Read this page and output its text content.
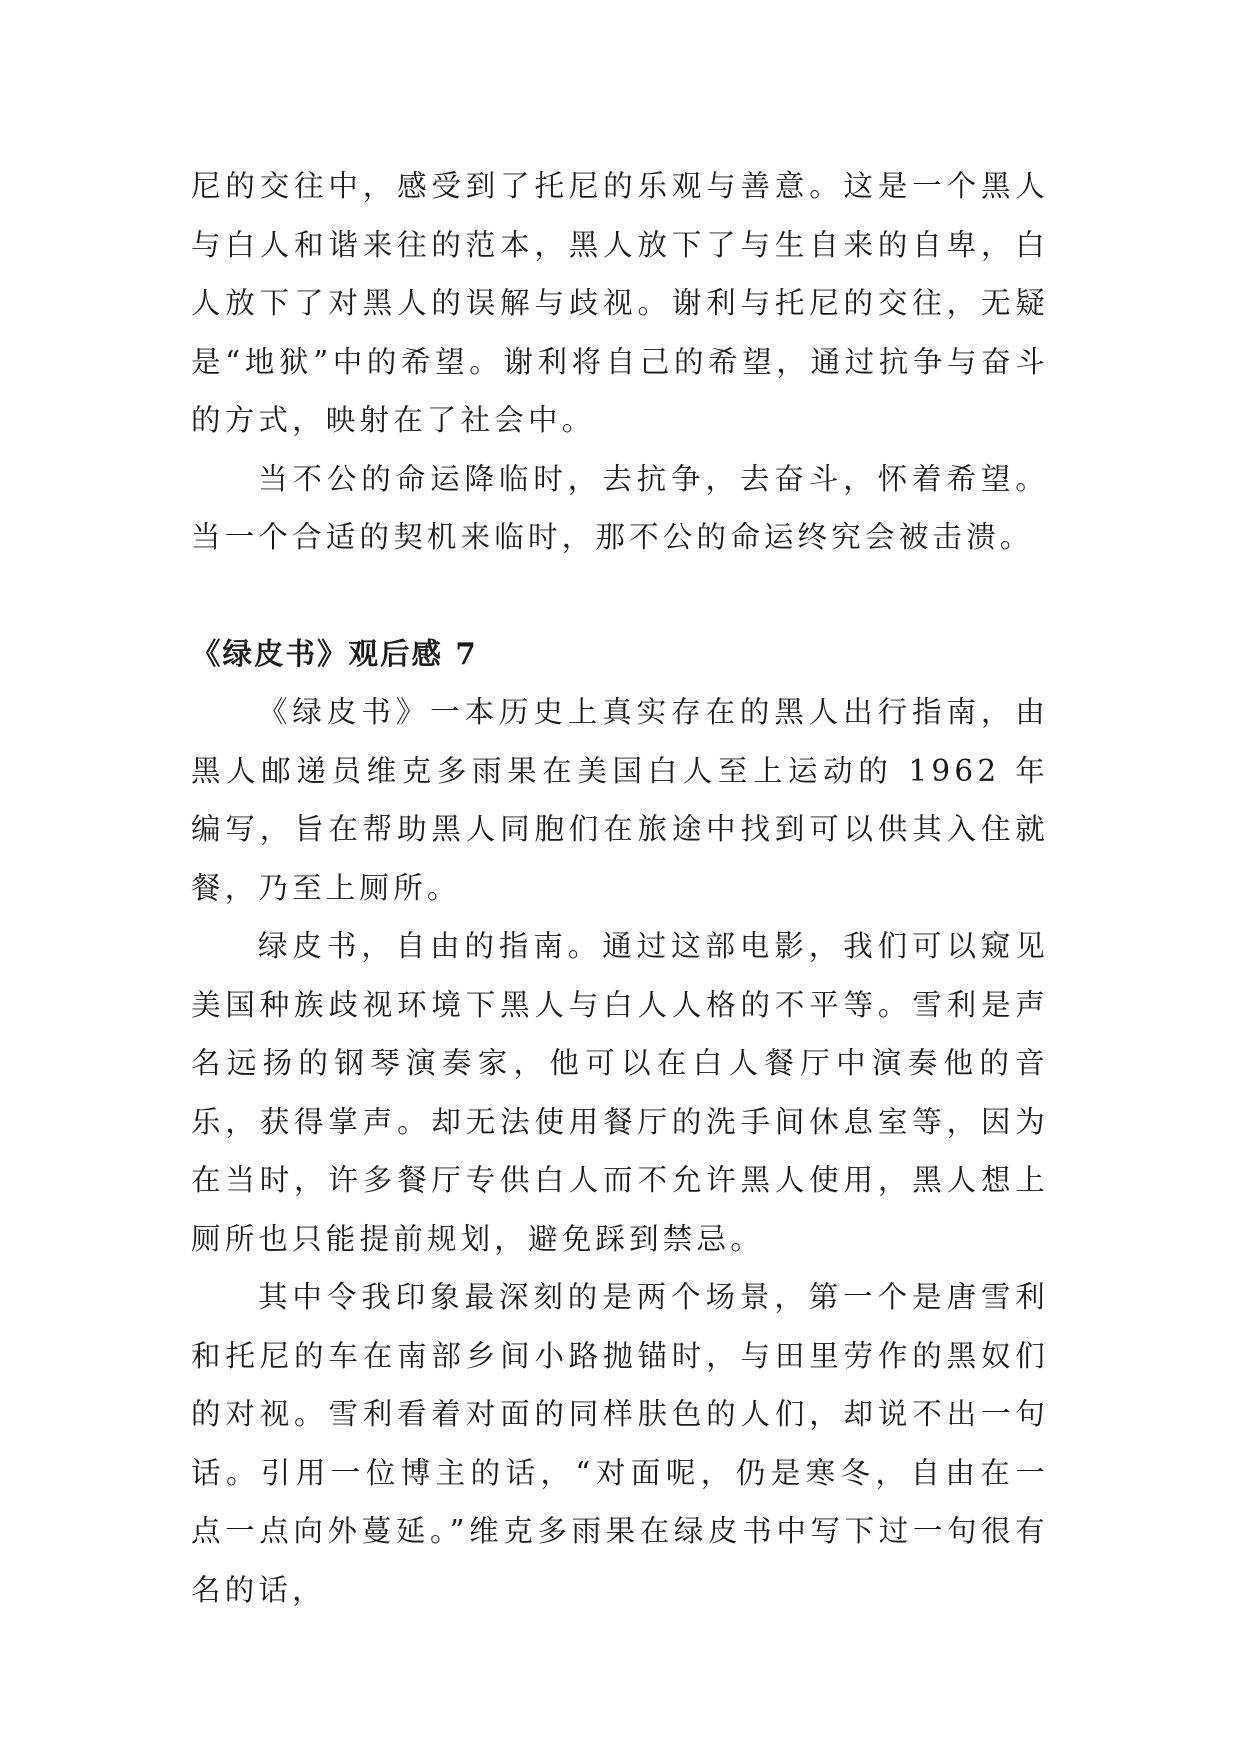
尼的交往中，感受到了托尼的乐观与善意。这是一个黑人与白人和谐来往的范本，黑人放下了与生自来的自卑，白人放下了对黑人的误解与歧视。谢利与托尼的交往，无疑是“地狱”中的希望。谢利将自己的希望，通过抗争与奋斗的方式，映射在了社会中。

当不公的命运降临时，去抗争，去奋斗，怀着希望。当一个合适的契机来临时，那不公的命运终究会被击溃。

《绿皮书》观后感 7

《绿皮书》一本历史上真实存在的黑人出行指南，由黑人邮递员维克多雨果在美国白人至上运动的 1962 年编写，旨在帮助黑人同胞们在旅途中找到可以供其入住就餐，乃至上厕所。

绿皮书，自由的指南。通过这部电影，我们可以窥见美国种族歧视环境下黑人与白人人格的不平等。雪利是声名远扬的钢琴演奏家，他可以在白人餐厅中演奏他的音乐，获得掌声。却无法使用餐厅的洗手间休息室等，因为在当时，许多餐厅专供白人而不允许黑人使用，黑人想上厕所也只能提前规划，避免踩到禁忌。

其中令我印象最深刻的是两个场景，第一个是唐雪利和托尼的车在南部乡间小路抛锚时，与田里劳作的黑奴们的对视。雪利看着对面的同样肤色的人们，却说不出一句话。引用一位博主的话，“对面呢，仍是寒冬，自由在一点一点向外蔓延。”维克多雨果在绿皮书中写下过一句很有名的话，
